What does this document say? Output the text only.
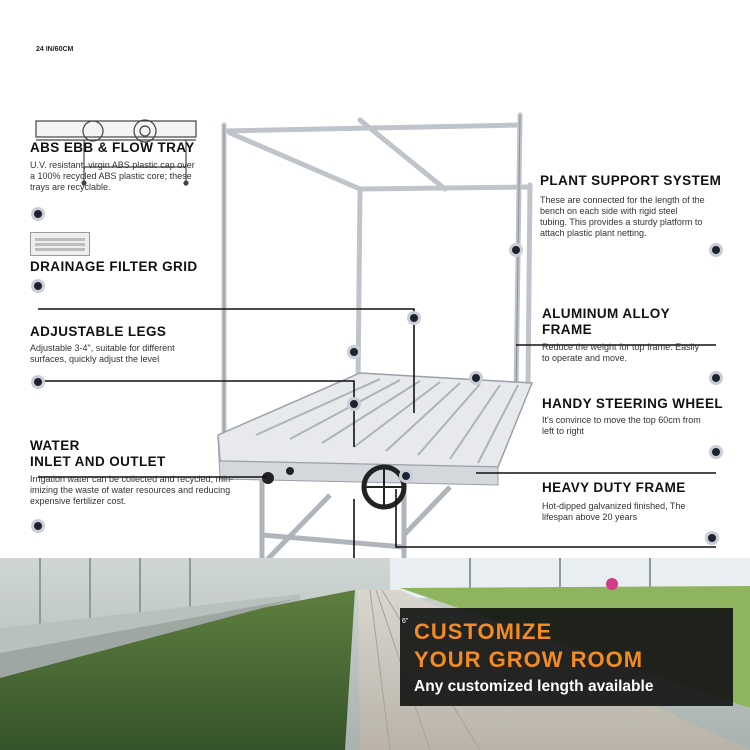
24 IN/60CM
ABS EBB & FLOW TRAY
U.V. resistant, virgin ABS plastic cap over
a 100% recycled ABS plastic core; these
trays are recyclable.
DRAINAGE FILTER GRID
ADJUSTABLE LEGS
Adjustable 3-4", suitable for different
surfaces, quickly adjust the level
WATER
INLET AND OUTLET
Irrigation water can be collected and recycled, min-
imizing the waste of water resources and reducing
expensive fertilizer cost.
PLANT SUPPORT SYSTEM
These are connected for the length of the
bench on each side with rigid steel
tubing. This provides a sturdy platform to
attach plastic plant netting.
ALUMINUM ALLOY
FRAME
Reduce the weight for top frame. Easily
to operate and move.
HANDY STEERING WHEEL
It's convince to move the top 60cm from
left to right
HEAVY DUTY FRAME
Hot-dipped galvanized finished, The
lifespan above 20 years
CUSTOMIZE
YOUR GROW ROOM
Any customized length available
6"
